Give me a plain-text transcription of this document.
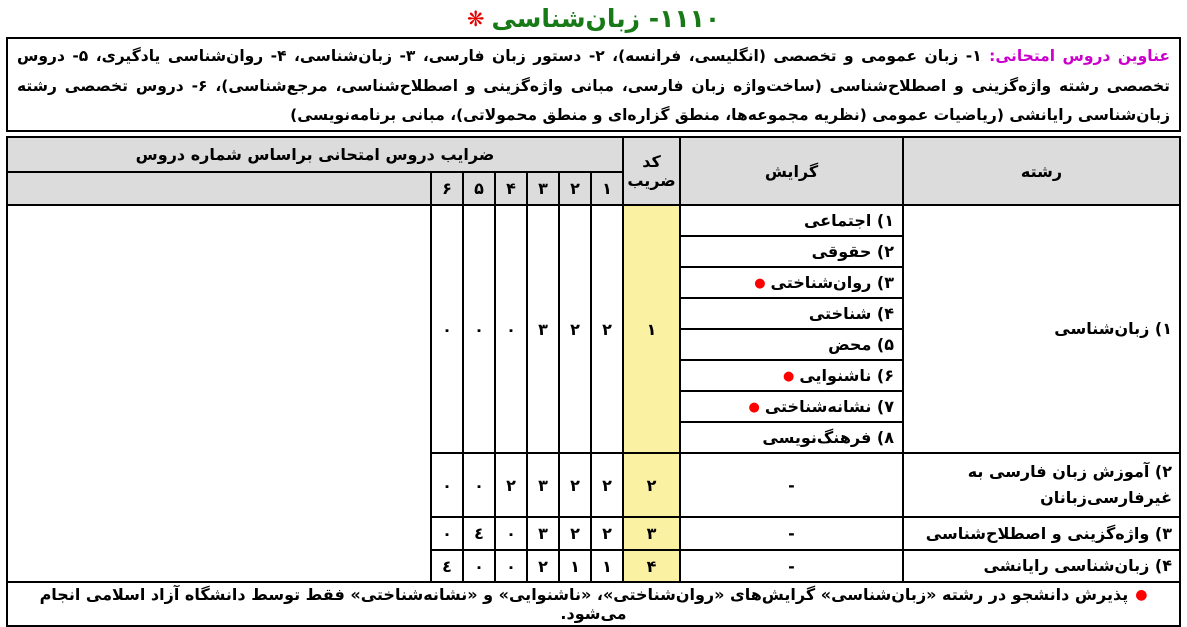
۱۱۱۰- زبان‌شناسی
❋
عناوین دروس امتحانی: ۱- زبان عمومی و تخصصی (انگلیسی، فرانسه)، ۲- دستور زبان فارسی، ۳- زبان‌شناسی، ۴- روان‌شناسی یادگیری، ۵- دروس تخصصی رشته واژه‌گزینی و اصطلاح‌شناسی (ساخت‌واژه زبان فارسی، مبانی واژه‌گزینی و اصطلاح‌شناسی، مرجع‌شناسی)، ۶- دروس تخصصی رشته زبان‌شناسی رایانشی (ریاضیات عمومی (نظریه مجموعه‌ها، منطق گزاره‌ای و منطق محمولاتی)، مبانی برنامه‌نویسی)
رشته	گرایش	کد
ضریب	ضرایب دروس امتحانی براساس شماره دروس						
			۱	۲	۳	۴	۵	۶	
۱) زبان‌شناسی	۱) اجتماعی	۱	۲	۲	۳	۰	۰	۰	
	۲) حقوقی								
	۳) روان‌شناختی●								
	۴) شناختی								
	۵) محض								
	۶) ناشنوایی●								
	۷) نشانه‌شناختی●								
	۸) فرهنگ‌نویسی								
۲) آموزش زبان فارسی به غیرفارسی‌زبانان	-	۲	۲	۲	۳	۲	۰	۰	
۳) واژه‌گزینی و اصطلاح‌شناسی	-	۳	۲	۲	۳	۰	٤	۰	
۴) زبان‌شناسی رایانشی	-	۴	۱	۱	۲	۰	۰	٤	
●پذیرش دانشجو در رشته «زبان‌شناسی» گرایش‌های «روان‌شناختی»، «ناشنوایی» و «نشانه‌شناختی» فقط توسط دانشگاه آزاد اسلامی انجام می‌شود.									
